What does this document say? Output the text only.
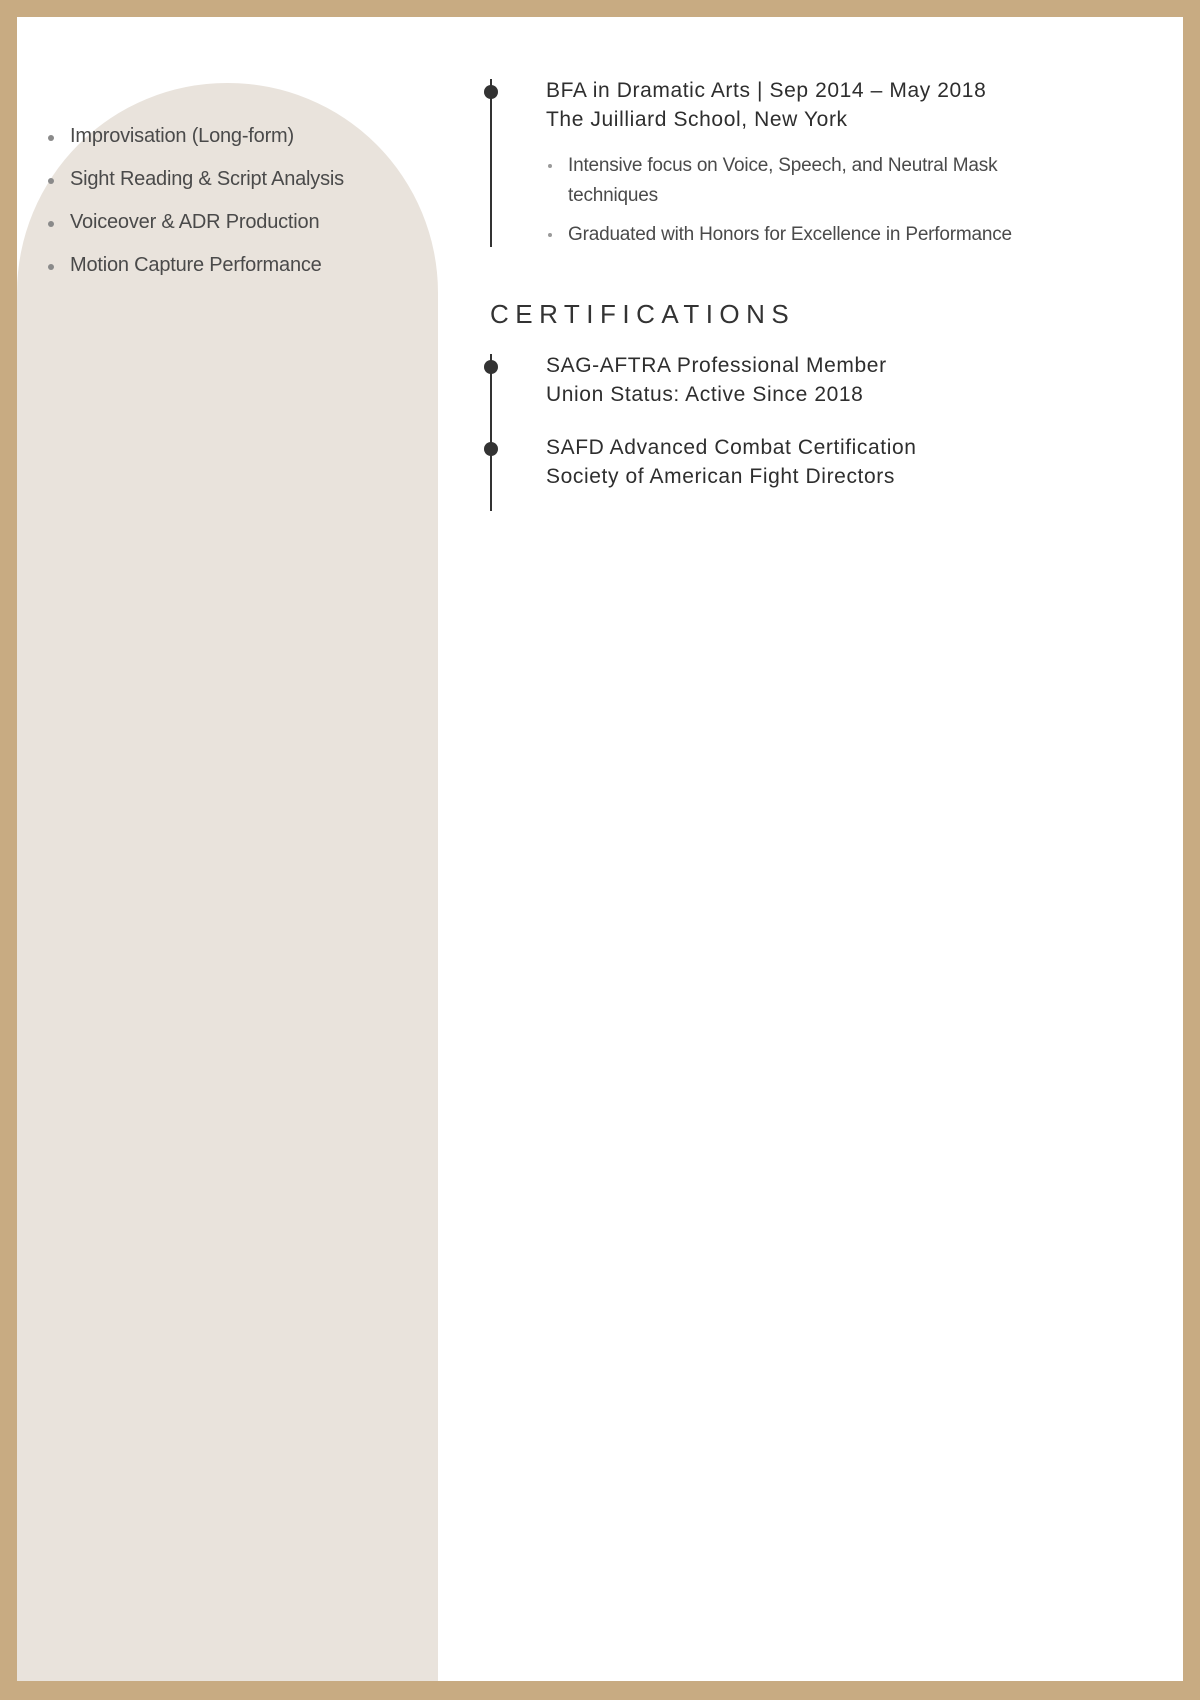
Improvisation (Long-form)
Sight Reading & Script Analysis
Voiceover & ADR Production
Motion Capture Performance
BFA in Dramatic Arts | Sep 2014 – May 2018
The Juilliard School, New York
Intensive focus on Voice, Speech, and Neutral Mask techniques
Graduated with Honors for Excellence in Performance
CERTIFICATIONS
SAG-AFTRA Professional Member
Union Status: Active Since 2018
SAFD Advanced Combat Certification
Society of American Fight Directors
